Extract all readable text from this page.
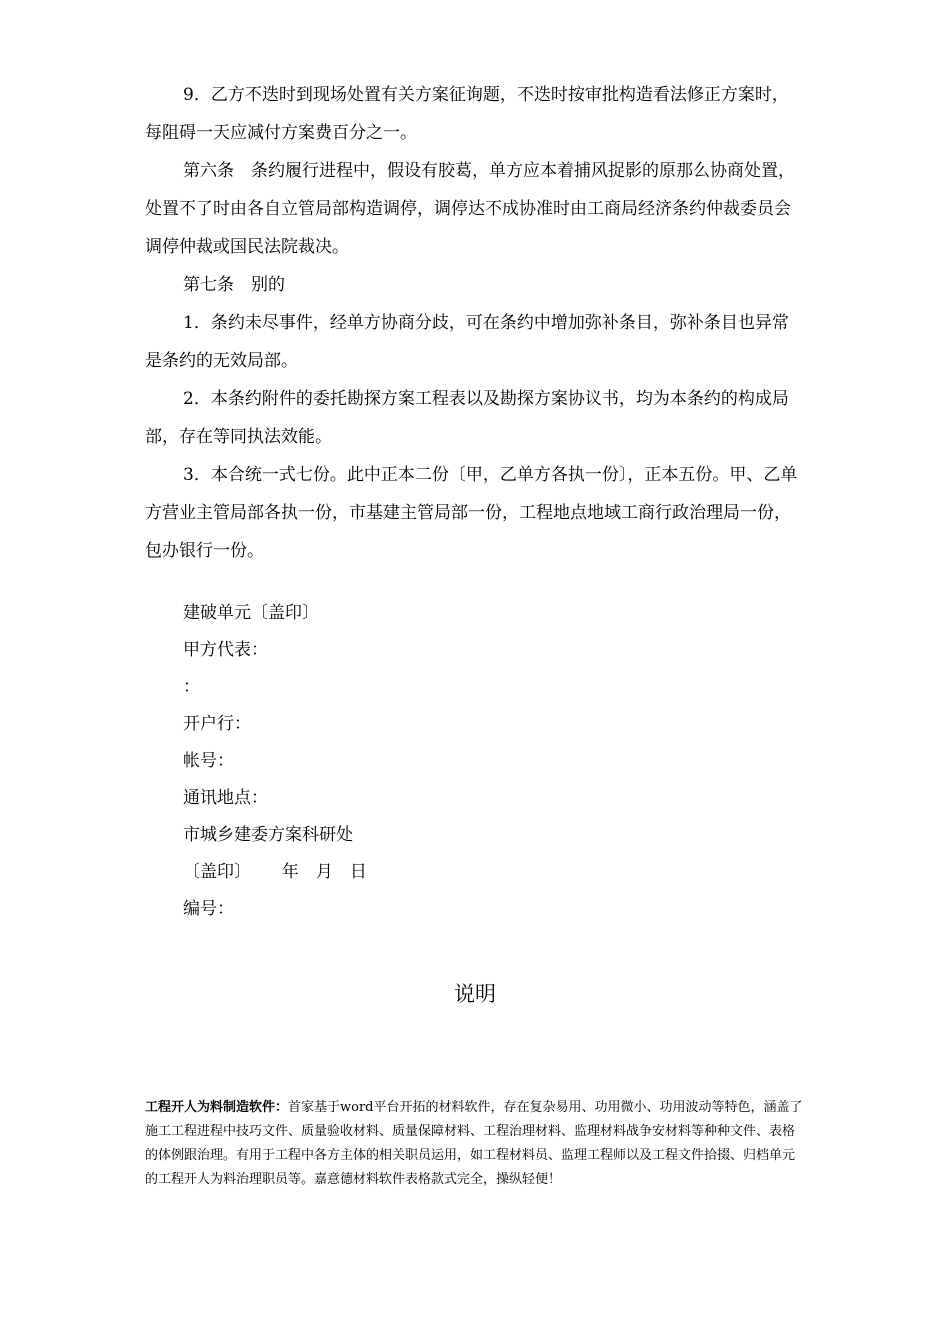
9．乙方不迭时到现场处置有关方案征询题，不迭时按审批构造看法修正方案时，每阻碍一天应减付方案费百分之一。

第六条　条约履行进程中，假设有胶葛，单方应本着捕风捉影的原那么协商处置，处置不了时由各自立管局部构造调停，调停达不成协准时由工商局经济条约仲裁委员会调停仲裁或国民法院裁决。

第七条　别的

1．条约未尽事件，经单方协商分歧，可在条约中增加弥补条目，弥补条目也异常是条约的无效局部。

2．本条约附件的委托勘探方案工程表以及勘探方案协议书，均为本条约的构成局部，存在等同执法效能。

3．本合统一式七份。此中正本二份〔甲，乙单方各执一份〕，正本五份。甲、乙单方营业主管局部各执一份，市基建主管局部一份，工程地点地域工商行政治理局一份，包办银行一份。

建破单元〔盖印〕
甲方代表：
：
开户行：
帐号：
通讯地点：
市城乡建委方案科研处
〔盖印〕　　 年　月　日
编号：
说明

工程开人为料制造软件：首家基于word平台开拓的材料软件，存在复杂易用、功用微小、功用波动等特色，涵盖了施工工程进程中技巧文件、质量验收材料、质量保障材料、工程治理材料、监理材料战争安材料等种种文件、表格的体例跟治理。有用于工程中各方主体的相关职员运用，如工程材料员、监理工程师以及工程文件拾掇、归档单元的工程开人为料治理职员等。嘉意德材料软件表格款式完全，操纵轻便！
